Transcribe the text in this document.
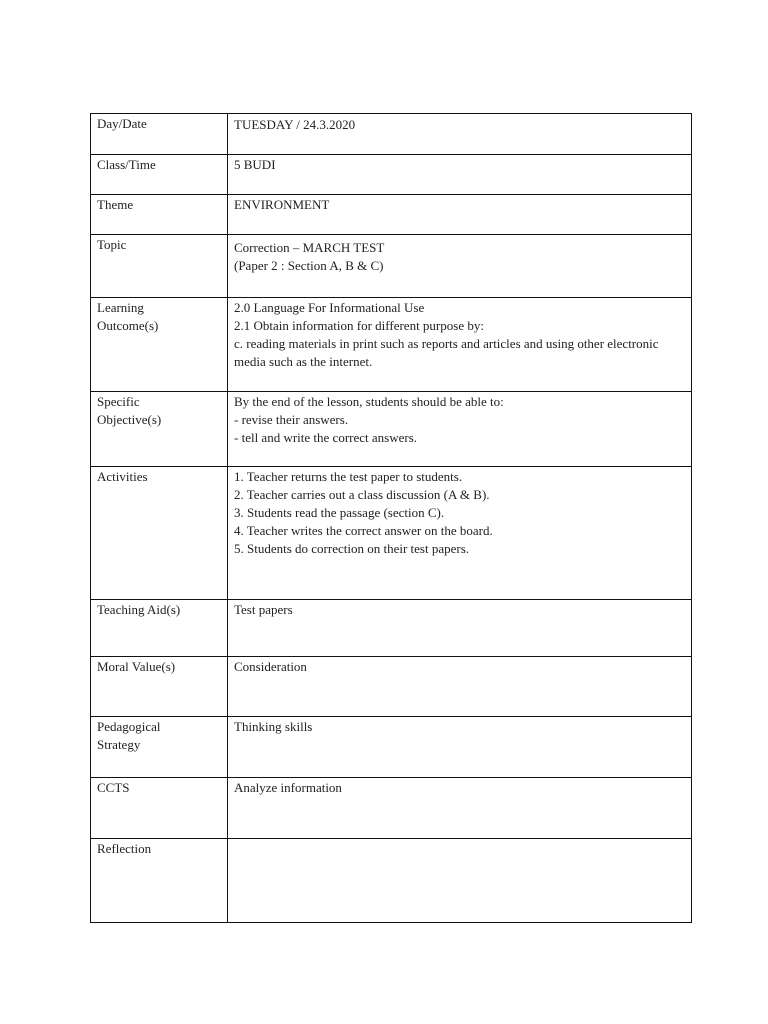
Day/Date	TUESDAY / 24.3.2020

Class/Time	5 BUDI

Theme	ENVIRONMENT

Topic	Correction – MARCH TEST
(Paper 2 : Section A, B & C)

Learning
Outcome(s)	2.0 Language For Informational Use
2.1 Obtain information for different purpose by:
c. reading materials in print such as reports and articles and using other electronic media such as the internet.

Specific
Objective(s)	By the end of the lesson, students should be able to:
- revise their answers.
- tell and write the correct answers.

Activities	1. Teacher returns the test paper to students.
2. Teacher carries out a class discussion (A & B).
3. Students read the passage (section C).
4. Teacher writes the correct answer on the board.
5. Students do correction on their test papers.

Teaching Aid(s)	Test papers

Moral Value(s)	Consideration

Pedagogical
Strategy	Thinking skills

CCTS	Analyze information

Reflection	
